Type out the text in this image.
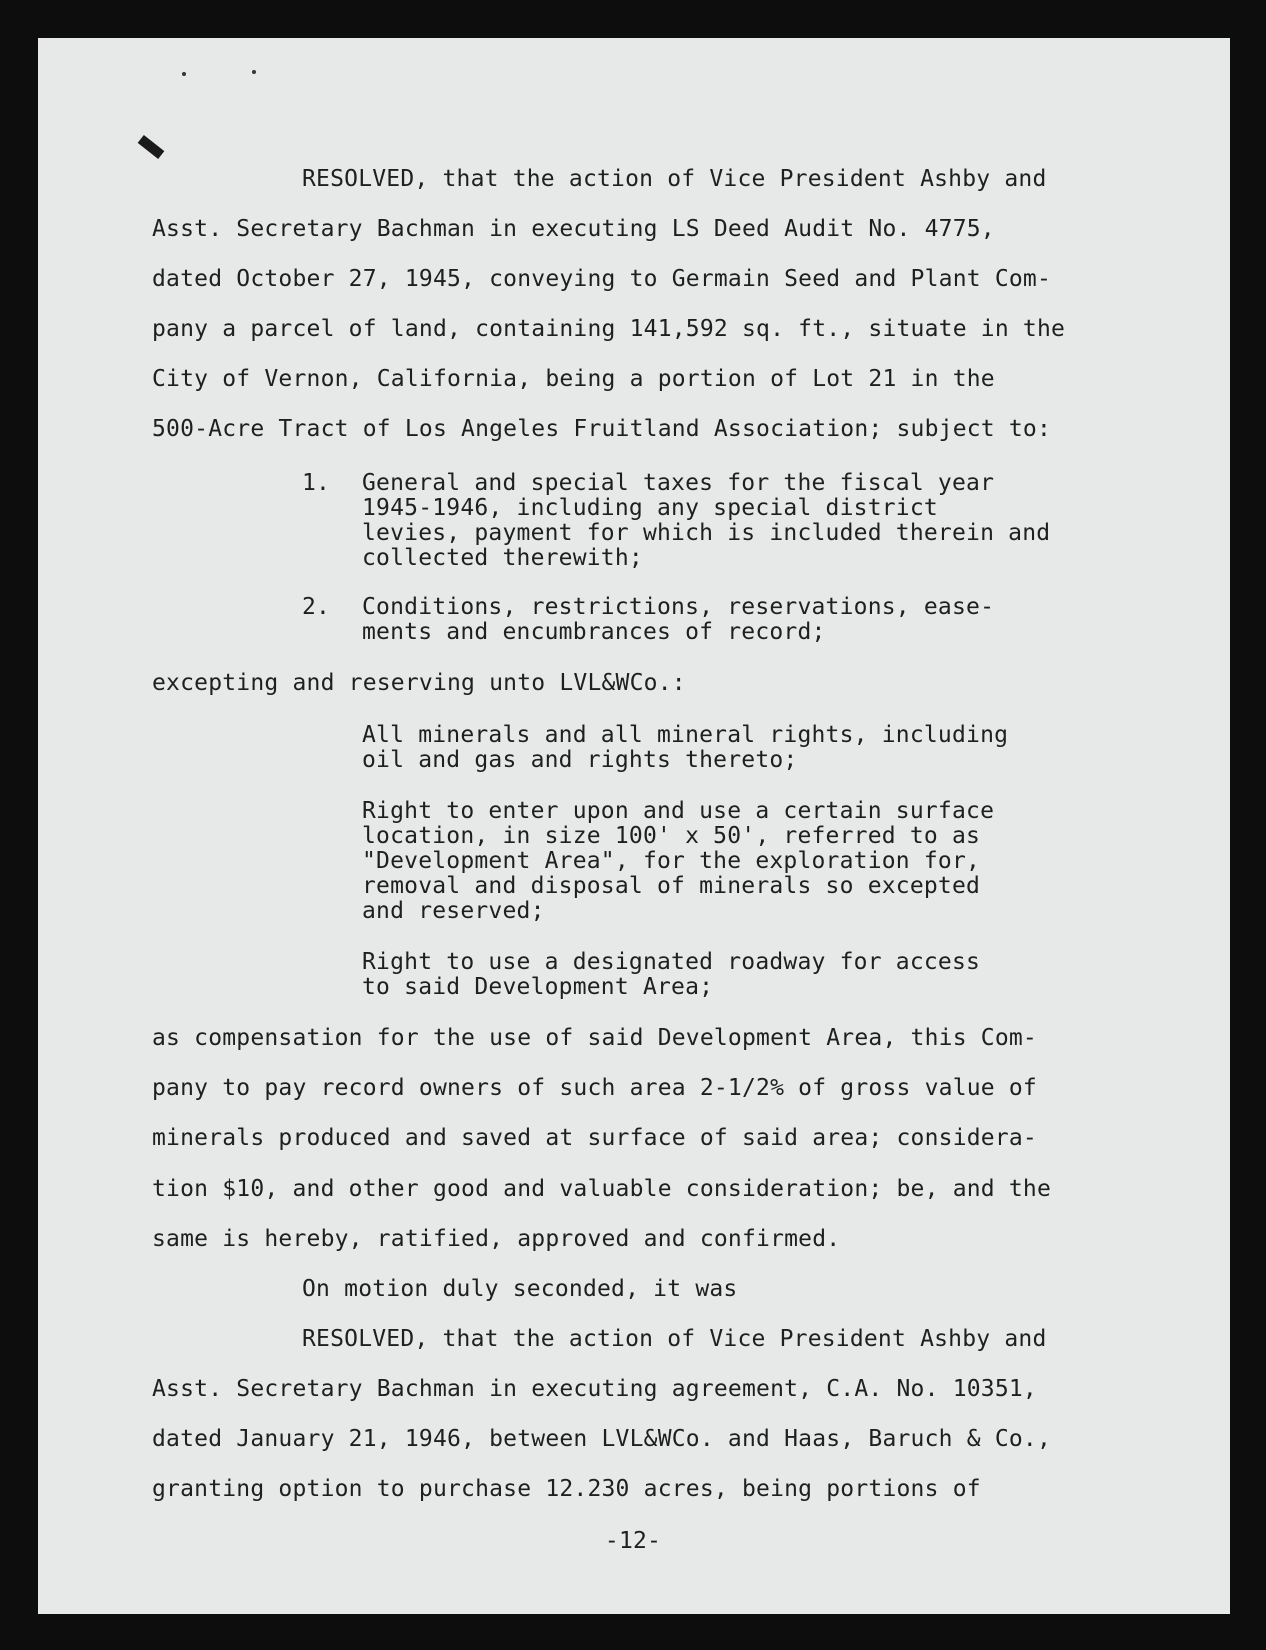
RESOLVED, that the action of Vice President Ashby and
Asst. Secretary Bachman in executing LS Deed Audit No. 4775,
dated October 27, 1945, conveying to Germain Seed and Plant Com-
pany a parcel of land, containing 141,592 sq. ft., situate in the
City of Vernon, California, being a portion of Lot 21 in the
500-Acre Tract of Los Angeles Fruitland Association; subject to:
1. General and special taxes for the fiscal year
1945-1946, including any special district
levies, payment for which is included therein and
collected therewith;
2. Conditions, restrictions, reservations, ease-
ments and encumbrances of record;
excepting and reserving unto LVL&WCo.:
All minerals and all mineral rights, including
oil and gas and rights thereto;
Right to enter upon and use a certain surface
location, in size 100' x 50', referred to as
"Development Area", for the exploration for,
removal and disposal of minerals so excepted
and reserved;
Right to use a designated roadway for access
to said Development Area;
as compensation for the use of said Development Area, this Com-
pany to pay record owners of such area 2-1/2% of gross value of
minerals produced and saved at surface of said area; considera-
tion $10, and other good and valuable consideration; be, and the
same is hereby, ratified, approved and confirmed.
On motion duly seconded, it was
RESOLVED, that the action of Vice President Ashby and
Asst. Secretary Bachman in executing agreement, C.A. No. 10351,
dated January 21, 1946, between LVL&WCo. and Haas, Baruch & Co.,
granting option to purchase 12.230 acres, being portions of
-12-
